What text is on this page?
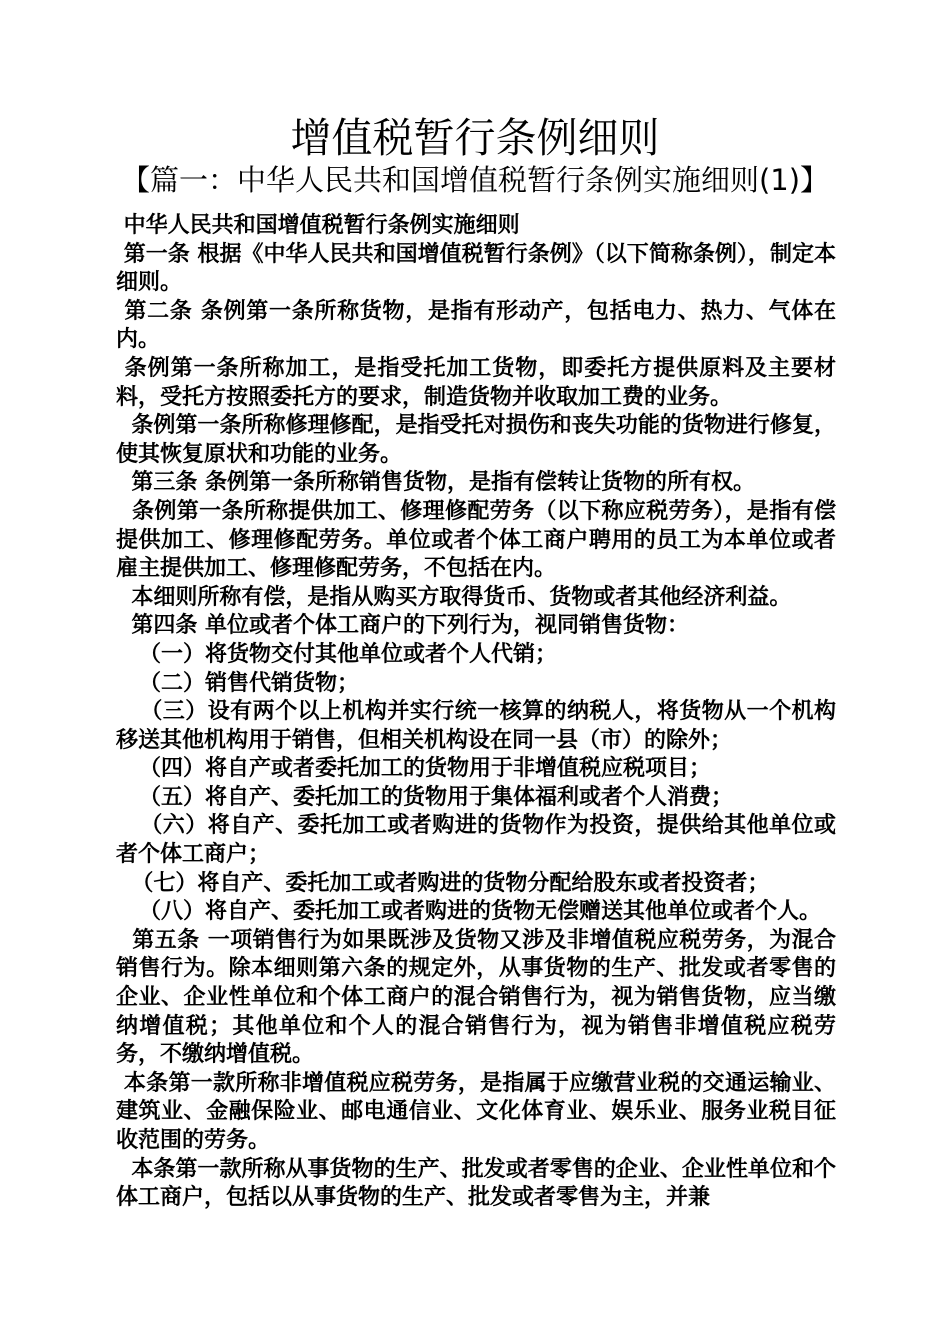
增值税暂行条例细则
【篇一：中华人民共和国增值税暂行条例实施细则(1)】

中华人民共和国增值税暂行条例实施细则

第一条 根据《中华人民共和国增值税暂行条例》（以下简称条例），制定本细则。

第二条 条例第一条所称货物，是指有形动产，包括电力、热力、气体在内。

条例第一条所称加工，是指受托加工货物，即委托方提供原料及主要材料，受托方按照委托方的要求，制造货物并收取加工费的业务。

条例第一条所称修理修配，是指受托对损伤和丧失功能的货物进行修复，使其恢复原状和功能的业务。

第三条 条例第一条所称销售货物，是指有偿转让货物的所有权。

条例第一条所称提供加工、修理修配劳务（以下称应税劳务），是指有偿提供加工、修理修配劳务。单位或者个体工商户聘用的员工为本单位或者雇主提供加工、修理修配劳务，不包括在内。

本细则所称有偿，是指从购买方取得货币、货物或者其他经济利益。

第四条 单位或者个体工商户的下列行为，视同销售货物：

（一）将货物交付其他单位或者个人代销；

（二）销售代销货物；

（三）设有两个以上机构并实行统一核算的纳税人，将货物从一个机构移送其他机构用于销售，但相关机构设在同一县（市）的除外；

（四）将自产或者委托加工的货物用于非增值税应税项目；

（五）将自产、委托加工的货物用于集体福利或者个人消费；

（六）将自产、委托加工或者购进的货物作为投资，提供给其他单位或者个体工商户；

（七）将自产、委托加工或者购进的货物分配给股东或者投资者；

（八）将自产、委托加工或者购进的货物无偿赠送其他单位或者个人。

第五条 一项销售行为如果既涉及货物又涉及非增值税应税劳务，为混合销售行为。除本细则第六条的规定外，从事货物的生产、批发或者零售的企业、企业性单位和个体工商户的混合销售行为，视为销售货物，应当缴纳增值税；其他单位和个人的混合销售行为，视为销售非增值税应税劳务，不缴纳增值税。

本条第一款所称非增值税应税劳务，是指属于应缴营业税的交通运输业、建筑业、金融保险业、邮电通信业、文化体育业、娱乐业、服务业税目征收范围的劳务。

本条第一款所称从事货物的生产、批发或者零售的企业、企业性单位和个体工商户，包括以从事货物的生产、批发或者零售为主，并兼
